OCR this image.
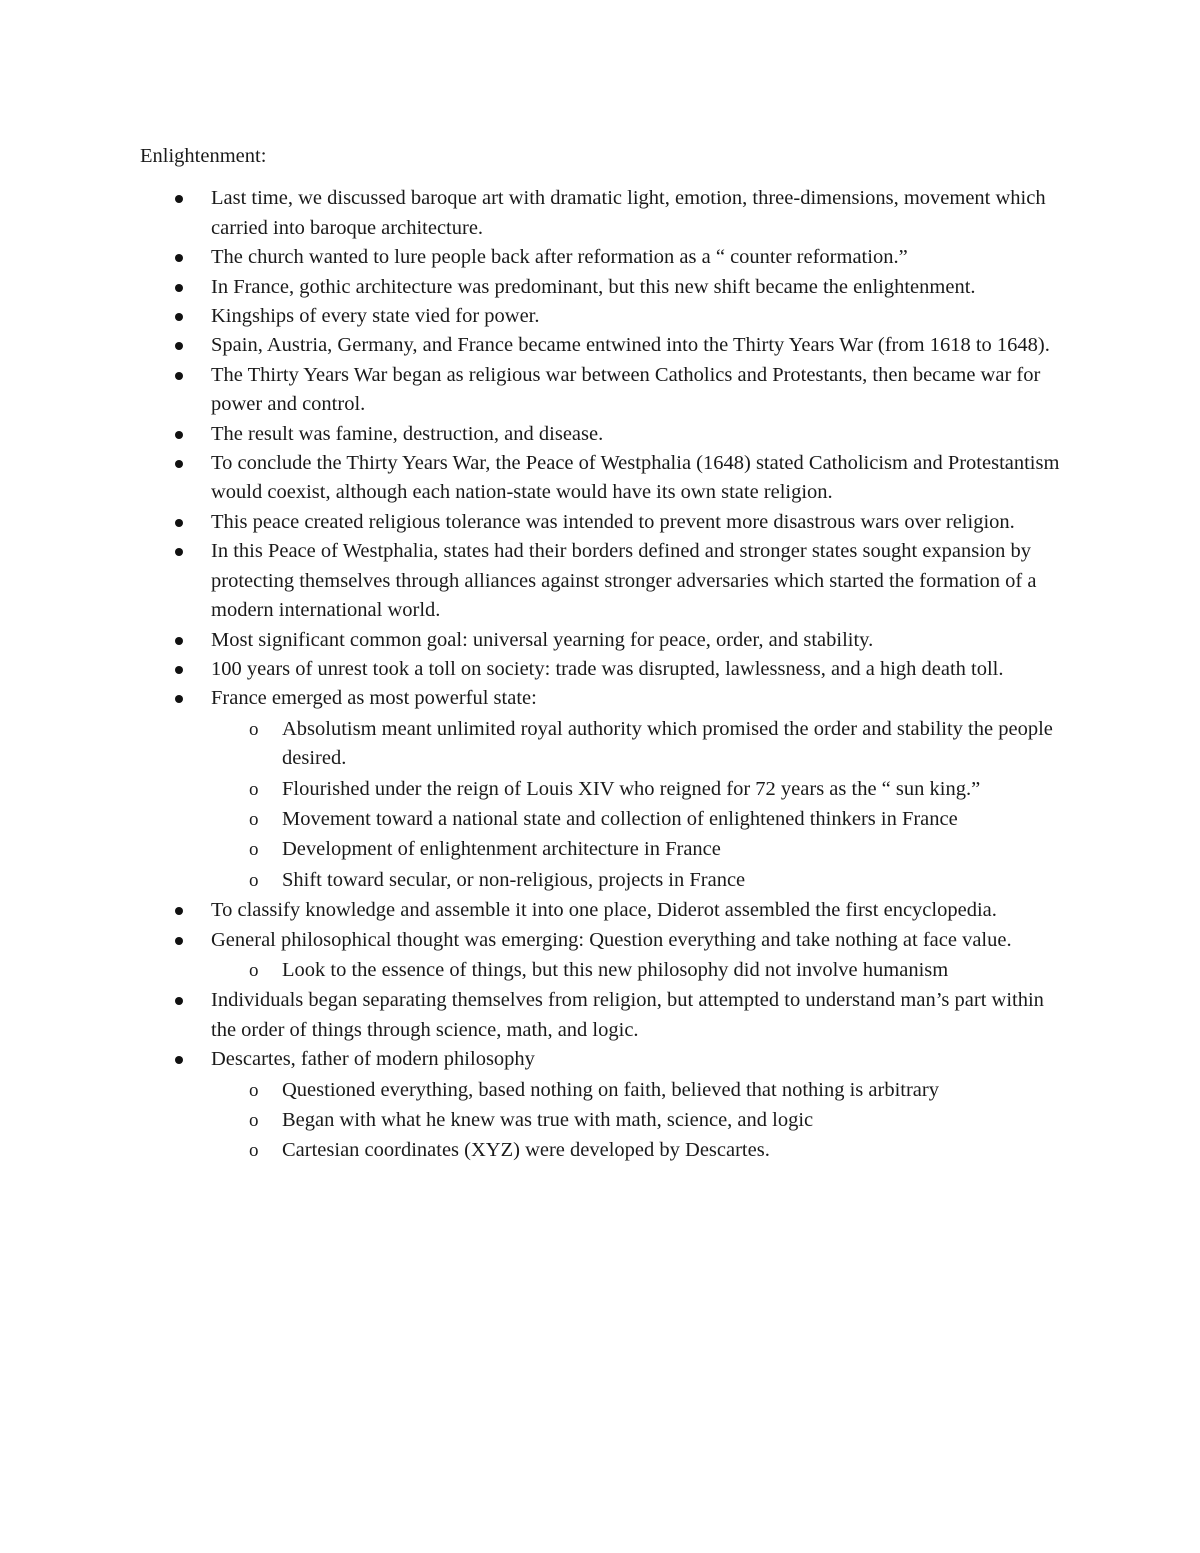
Enlightenment:
Last time, we discussed baroque art with dramatic light, emotion, three-dimensions, movement which carried into baroque architecture.
The church wanted to lure people back after reformation as a “ counter reformation.”
In France, gothic architecture was predominant, but this new shift became the enlightenment.
Kingships of every state vied for power.
Spain, Austria, Germany, and France became entwined into the Thirty Years War (from 1618 to 1648).
The Thirty Years War began as religious war between Catholics and Protestants, then became war for power and control.
The result was famine, destruction, and disease.
To conclude the Thirty Years War, the Peace of Westphalia (1648) stated Catholicism and Protestantism would coexist, although each nation-state would have its own state religion.
This peace created religious tolerance was intended to prevent more disastrous wars over religion.
In this Peace of Westphalia, states had their borders defined and stronger states sought expansion by protecting themselves through alliances against stronger adversaries which started the formation of a modern international world.
Most significant common goal: universal yearning for peace, order, and stability.
100 years of unrest took a toll on society: trade was disrupted, lawlessness, and a high death toll.
France emerged as most powerful state:
o Absolutism meant unlimited royal authority which promised the order and stability the people desired.
o Flourished under the reign of Louis XIV who reigned for 72 years as the “ sun king.”
o Movement toward a national state and collection of enlightened thinkers in France
o Development of enlightenment architecture in France
o Shift toward secular, or non-religious, projects in France
To classify knowledge and assemble it into one place, Diderot assembled the first encyclopedia.
General philosophical thought was emerging: Question everything and take nothing at face value.
o Look to the essence of things, but this new philosophy did not involve humanism
Individuals began separating themselves from religion, but attempted to understand man’s part within the order of things through science, math, and logic.
Descartes, father of modern philosophy
o Questioned everything, based nothing on faith, believed that nothing is arbitrary
o Began with what he knew was true with math, science, and logic
o Cartesian coordinates (XYZ) were developed by Descartes.
